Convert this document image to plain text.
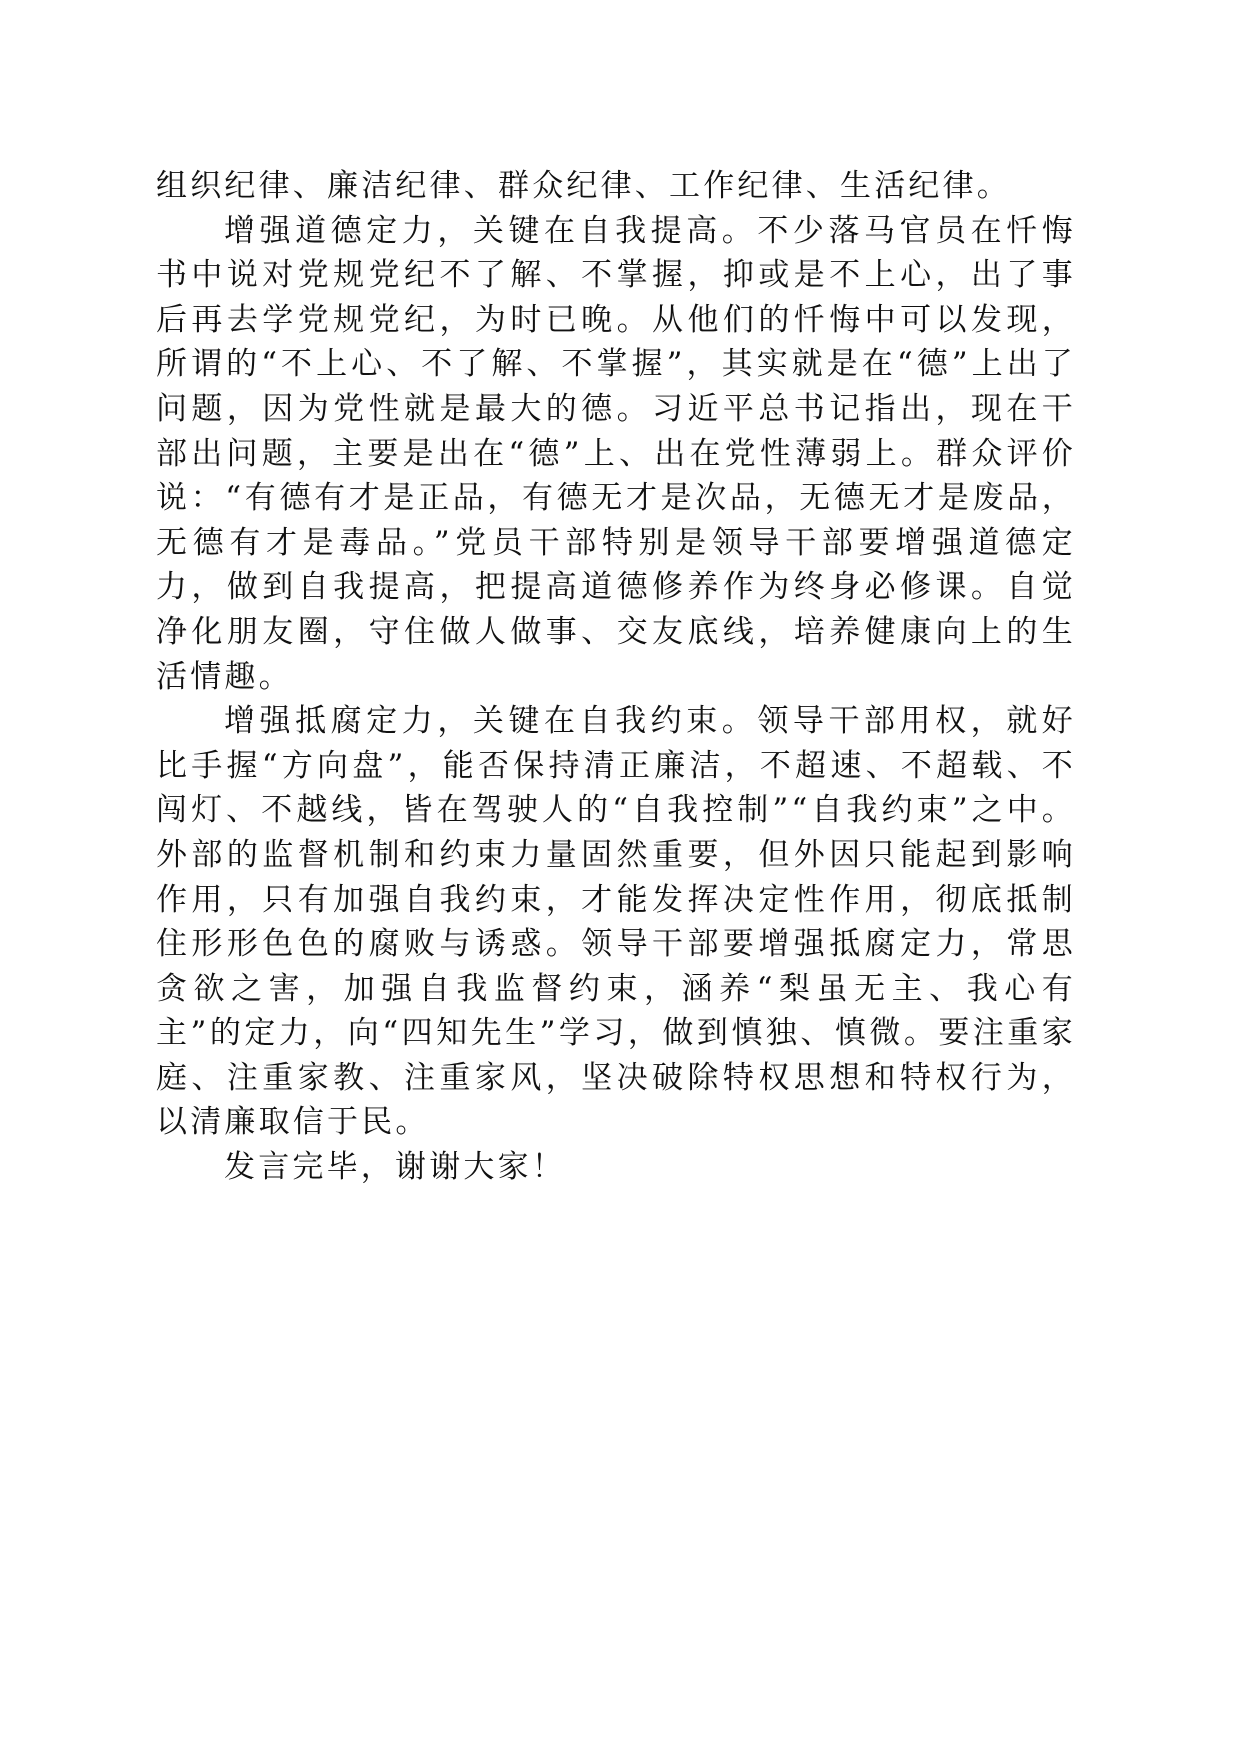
组织纪律、廉洁纪律、群众纪律、工作纪律、生活纪律。

增强道德定力，关键在自我提高。不少落马官员在忏悔书中说对党规党纪不了解、不掌握，抑或是不上心，出了事后再去学党规党纪，为时已晚。从他们的忏悔中可以发现，所谓的“不上心、不了解、不掌握”，其实就是在“德”上出了问题，因为党性就是最大的德。习近平总书记指出，现在干部出问题，主要是出在“德”上、出在党性薄弱上。群众评价说：“有德有才是正品，有德无才是次品，无德无才是废品，无德有才是毒品。”党员干部特别是领导干部要增强道德定力，做到自我提高，把提高道德修养作为终身必修课。自觉净化朋友圈，守住做人做事、交友底线，培养健康向上的生活情趣。

增强抵腐定力，关键在自我约束。领导干部用权，就好比手握“方向盘”，能否保持清正廉洁，不超速、不超载、不闯灯、不越线，皆在驾驶人的“自我控制”“自我约束”之中。外部的监督机制和约束力量固然重要，但外因只能起到影响作用，只有加强自我约束，才能发挥决定性作用，彻底抵制住形形色色的腐败与诱惑。领导干部要增强抵腐定力，常思贪欲之害，加强自我监督约束，涵养“梨虽无主、我心有主”的定力，向“四知先生”学习，做到慎独、慎微。要注重家庭、注重家教、注重家风，坚决破除特权思想和特权行为，以清廉取信于民。

发言完毕，谢谢大家！
